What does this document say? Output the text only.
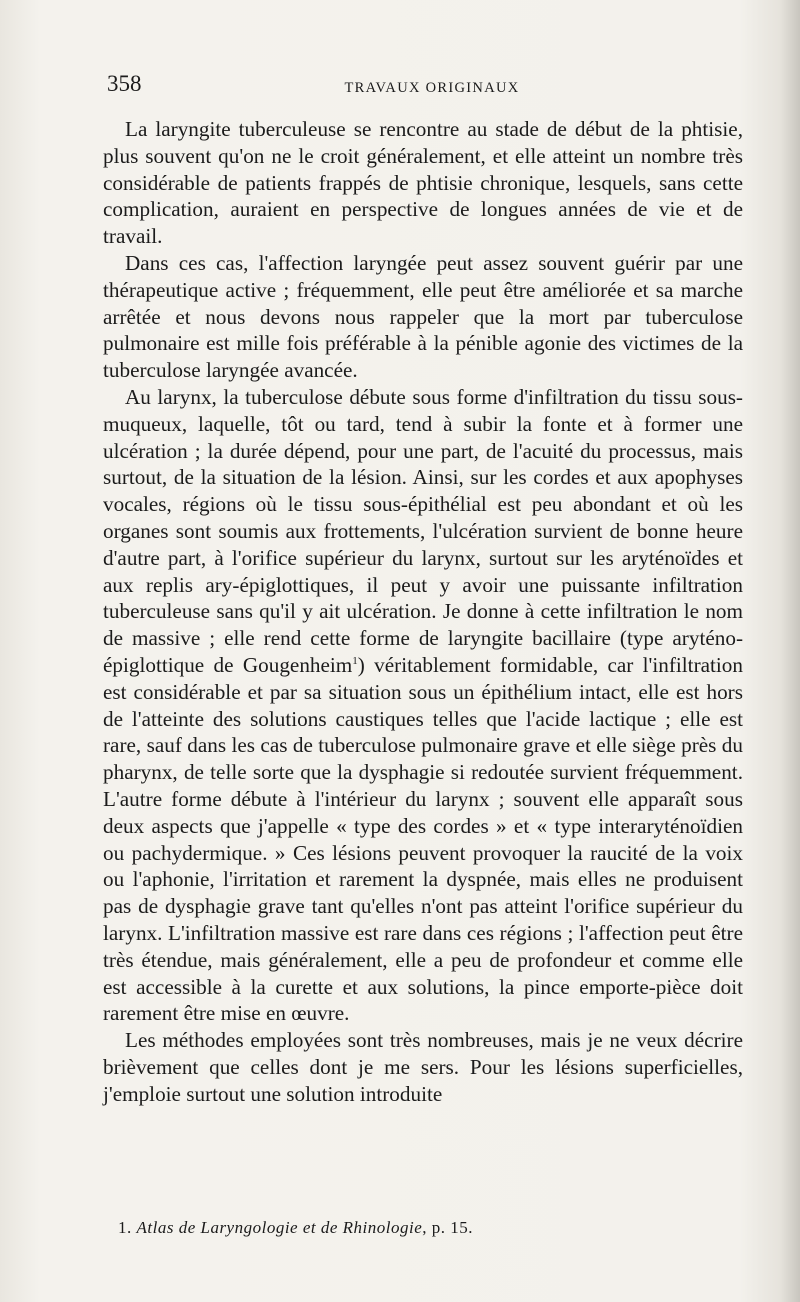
358	TRAVAUX ORIGINAUX

La laryngite tuberculeuse se rencontre au stade de début de la phtisie, plus souvent qu'on ne le croit généralement, et elle atteint un nombre très considérable de patients frappés de phtisie chronique, lesquels, sans cette complication, auraient en perspective de longues années de vie et de travail.

Dans ces cas, l'affection laryngée peut assez souvent guérir par une thérapeutique active ; fréquemment, elle peut être améliorée et sa marche arrêtée et nous devons nous rappeler que la mort par tuberculose pulmonaire est mille fois préférable à la pénible agonie des victimes de la tuberculose laryngée avancée.

Au larynx, la tuberculose débute sous forme d'infiltration du tissu sous-muqueux, laquelle, tôt ou tard, tend à subir la fonte et à former une ulcération ; la durée dépend, pour une part, de l'acuité du processus, mais surtout, de la situation de la lésion. Ainsi, sur les cordes et aux apophyses vocales, régions où le tissu sous-épithélial est peu abondant et où les organes sont soumis aux frottements, l'ulcération survient de bonne heure d'autre part, à l'orifice supérieur du larynx, surtout sur les aryténoïdes et aux replis ary-épiglottiques, il peut y avoir une puissante infiltration tuberculeuse sans qu'il y ait ulcération. Je donne à cette infiltration le nom de massive ; elle rend cette forme de laryngite bacillaire (type aryténo-épiglottique de Gougenheim$^1$) véritablement formidable, car l'infiltration est considérable et par sa situation sous un épithélium intact, elle est hors de l'atteinte des solutions caustiques telles que l'acide lactique ; elle est rare, sauf dans les cas de tuberculose pulmonaire grave et elle siège près du pharynx, de telle sorte que la dysphagie si redoutée survient fréquemment. L'autre forme débute à l'intérieur du larynx ; souvent elle apparaît sous deux aspects que j'appelle « type des cordes » et « type interaryténoïdien ou pachydermique. » Ces lésions peuvent provoquer la raucité de la voix ou l'aphonie, l'irritation et rarement la dyspnée, mais elles ne produisent pas de dysphagie grave tant qu'elles n'ont pas atteint l'orifice supérieur du larynx. L'infiltration massive est rare dans ces régions ; l'affection peut être très étendue, mais généralement, elle a peu de profondeur et comme elle est accessible à la curette et aux solutions, la pince emporte-pièce doit rarement être mise en œuvre.

Les méthodes employées sont très nombreuses, mais je ne veux décrire brièvement que celles dont je me sers. Pour les lésions superficielles, j'emploie surtout une solution introduite

1. Atlas de Laryngologie et de Rhinologie, p. 15.
